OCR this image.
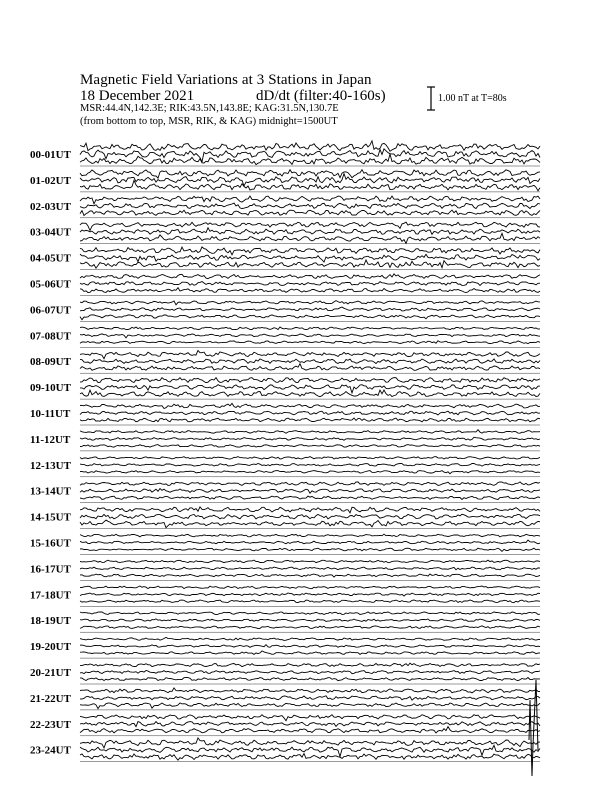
Magnetic Field Variations at 3 Stations in Japan
18 December 2021	dD/dt (filter:40-160s)
MSR:44.4N,142.3E; RIK:43.5N,143.8E; KAG:31.5N,130.7E
(from bottom to top, MSR, RIK, & KAG) midnight=1500UT
1.00 nT at T=80s
00-01UT
01-02UT
02-03UT
03-04UT
04-05UT
05-06UT
06-07UT
07-08UT
08-09UT
09-10UT
10-11UT
11-12UT
12-13UT
13-14UT
14-15UT
15-16UT
16-17UT
17-18UT
18-19UT
19-20UT
20-21UT
21-22UT
22-23UT
23-24UT
